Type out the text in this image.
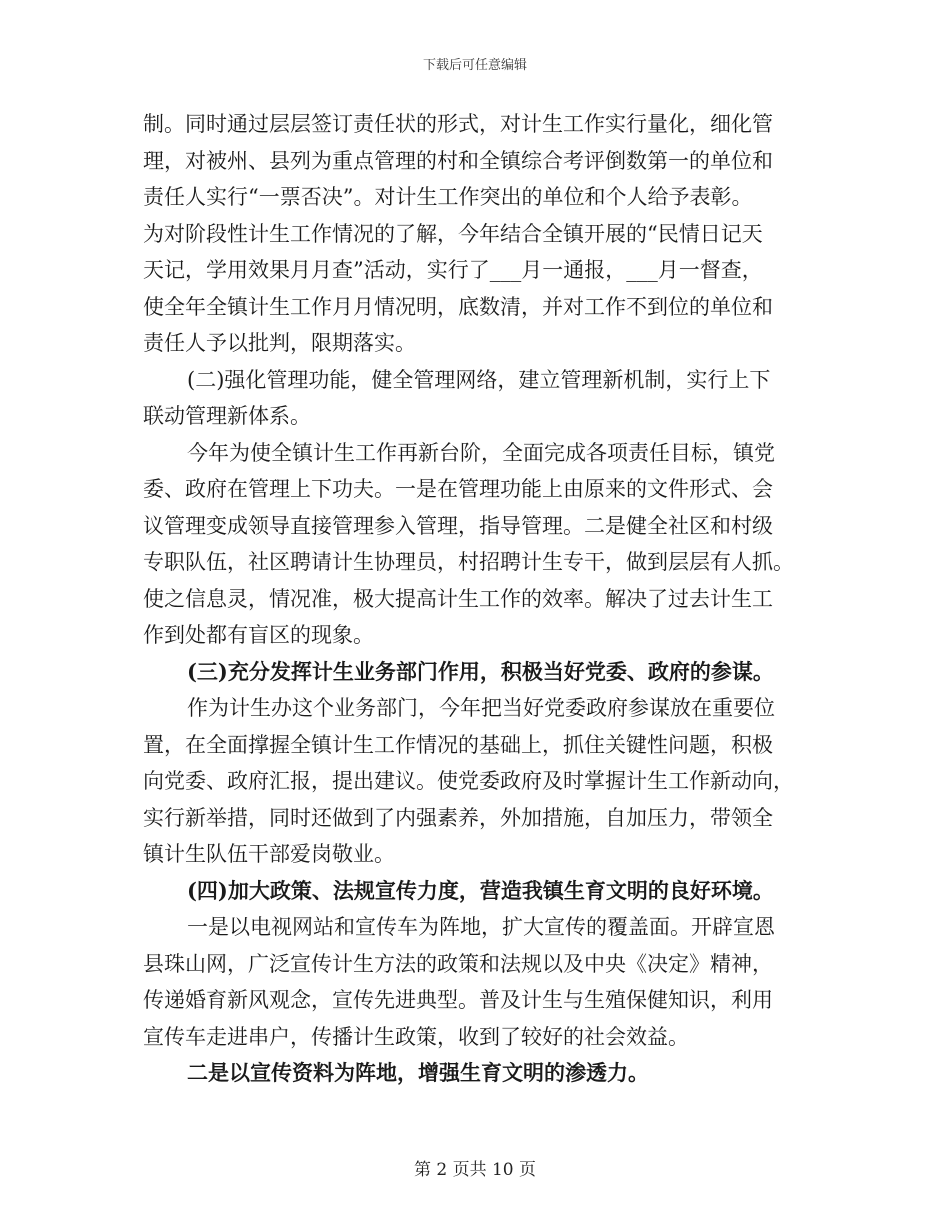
下载后可任意编辑
制。同时通过层层签订责任状的形式，对计生工作实行量化，细化管
理，对被州、县列为重点管理的村和全镇综合考评倒数第一的单位和
责任人实行“一票否决”。对计生工作突出的单位和个人给予表彰。
为对阶段性计生工作情况的了解，今年结合全镇开展的“民情日记天
天记，学用效果月月查”活动，实行了___月一通报，___月一督查，
使全年全镇计生工作月月情况明，底数清，并对工作不到位的单位和
责任人予以批判，限期落实。
(二)强化管理功能，健全管理网络，建立管理新机制，实行上下
联动管理新体系。
今年为使全镇计生工作再新台阶，全面完成各项责任目标，镇党
委、政府在管理上下功夫。一是在管理功能上由原来的文件形式、会
议管理变成领导直接管理参入管理，指导管理。二是健全社区和村级
专职队伍，社区聘请计生协理员，村招聘计生专干，做到层层有人抓。
使之信息灵，情况准，极大提高计生工作的效率。解决了过去计生工
作到处都有盲区的现象。
(三)充分发挥计生业务部门作用，积极当好党委、政府的参谋。
作为计生办这个业务部门，今年把当好党委政府参谋放在重要位
置，在全面撑握全镇计生工作情况的基础上，抓住关键性问题，积极
向党委、政府汇报，提出建议。使党委政府及时掌握计生工作新动向，
实行新举措，同时还做到了内强素养，外加措施，自加压力，带领全
镇计生队伍干部爱岗敬业。
(四)加大政策、法规宣传力度，营造我镇生育文明的良好环境。
一是以电视网站和宣传车为阵地，扩大宣传的覆盖面。开辟宣恩
县珠山网，广泛宣传计生方法的政策和法规以及中央《决定》精神，
传递婚育新风观念，宣传先进典型。普及计生与生殖保健知识，利用
宣传车走进串户，传播计生政策，收到了较好的社会效益。
二是以宣传资料为阵地，增强生育文明的渗透力。
第 2 页共 10 页
